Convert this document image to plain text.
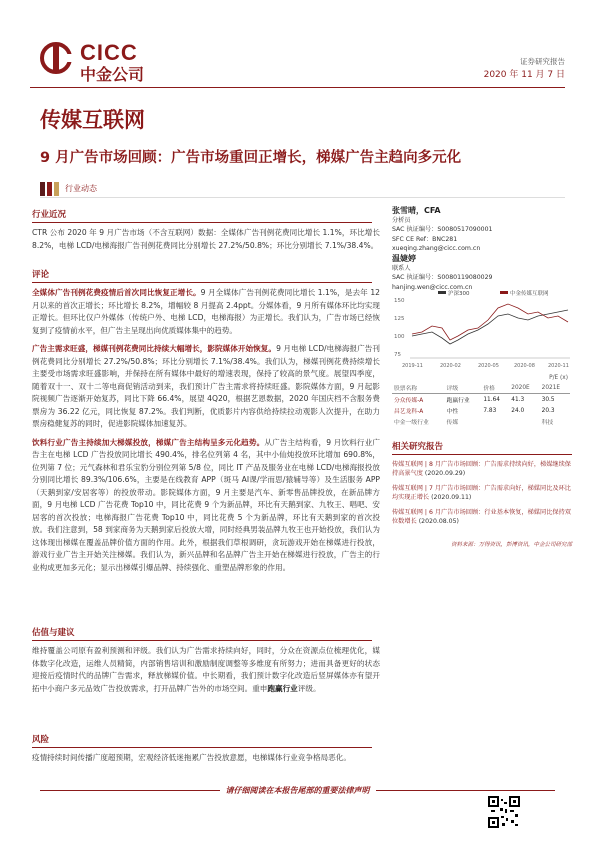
CICC
中金公司
证券研究报告
2020 年 11 月 7 日
传媒互联网
9 月广告市场回顾：广告市场重回正增长，梯媒广告主趋向多元化
行业动态
行业近况
CTR 公布 2020 年 9 月广告市场（不含互联网）数据：全媒体广告刊例花费同比增长 1.1%，环比增长 8.2%，电梯 LCD/电梯海报广告刊例花费同比分别增长 27.2%/50.8%；环比分别增长 7.1%/38.4%。
评论
全媒体广告刊例花费疫情后首次同比恢复正增长。9 月全媒体广告刊例花费同比增长 1.1%，是去年 12 月以来的首次正增长；环比增长 8.2%，增幅较 8 月提高 2.4ppt。分媒体看，9 月所有媒体环比均实现正增长。但环比仅户外媒体（传统户外、电梯 LCD，电梯海报）为正增长。我们认为，广告市场已经恢复到了疫情前水平，但广告主呈现出向优质媒体集中的趋势。
广告主需求旺盛，梯媒刊例花费同比持续大幅增长，影院媒体开始恢复。9 月电梯 LCD/电梯海报广告刊例花费同比分别增长 27.2%/50.8%；环比分别增长 7.1%/38.4%。我们认为，梯媒刊例花费持续增长主要受市场需求旺盛影响，并保持在所有媒体中最好的增速表现，保持了较高的景气度。展望四季度，随着双十一、双十二等电商促销活动到来，我们预计广告主需求将持续旺盛。影院媒体方面，9 月起影院视频广告逐渐开始复苏，同比下降 66.4%，展望 4Q20，根据艺恩数据，2020 年国庆档不含服务费票房为 36.22 亿元，同比恢复 87.2%。我们判断，优质影片内容供给持续拉动观影人次提升，在助力票房稳健复苏的同时，促进影院媒体加速复苏。
饮料行业广告主持续加大梯媒投放，梯媒广告主结构呈多元化趋势。从广告主结构看，9 月饮料行业广告主在电梯 LCD 广告投放同比增长 490.4%，排名位列第 4 名，其中小仙炖投放环比增加 690.8%，位列第 7 位；元气森林和君乐宝豹分别位列第 5/8 位，同比 IT 产品及服务业在电梯 LCD/电梯海报投放分别同比增长 89.3%/106.6%，主要是在线教育 APP（斑马 AI课/学而思/猿辅导等）及生活服务 APP（天鹅到家/安居客等）的投放带动。影院媒体方面，9 月主要是汽车、新零售品牌投放，在新品牌方面，9 月电梯 LCD 广告花费 Top10 中，同比花费 9 个为新品牌，环比有天鹅到家、九牧王、唱吧、安居客的首次投放；电梯海报广告花费 Top10 中，同比花费 5 个为新品牌，环比有天鹅到家的首次投放。我们注意到，58 到家商务为天鹅到家后投放大增，同时经典男装品牌九牧王也开始投放，我们认为这体现出梯媒在覆盖品牌价值方面的作用。此外，根据我们草根调研，贪玩游戏开始在梯媒进行投放，游戏行业广告主开始关注梯媒。我们认为，新兴品牌和名品牌广告主开始在梯媒进行投放，广告主的行业构成更加多元化；显示出梯媒引爆品牌、持续强化、重塑品牌形象的作用。
估值与建议
维持覆盖公司原有盈利预测和评级。我们认为广告需求持续向好，同时，分众在资源点位梳理优化，媒体数字化改造，运维人员精简，内部销售培训和激励制度调整等多维度有所努力；进而具备更好的状态迎接后疫情时代的品牌广告需求，释放梯媒价值。中长期看，我们预计数字化改造后竖屏媒体亦有望开拓中小商户多元品效广告投放需求，打开品牌广告外的市场空间。重申跑赢行业评级。
风险
疫情持续时间传播广度超预期，宏观经济低迷拖累广告投放意愿，电梯媒体行业竞争格局恶化。
张雪晴，CFA
分析员
SAC 执证编号：S0080517090001
SFC CE Ref：BNC281
xueqing.zhang@cicc.com.cn
温婕婷
联系人
SAC 执证编号：S0080119080029
hanjing.wen@cicc.com.cn
沪深300	中金传媒互联网
150
125
100
75
2019-11	2020-02	2020-05	2020-08	2020-11
			P/E (x)	
股票名称	评级	价格	2020E	2021E
分众传媒-A	跑赢行业	11.64	41.3	30.5
昌艺龙科-A	中性	7.83	24.0	20.3
中金一级行业	传媒			科技
相关研究报告
传媒互联网 | 8 月广告市场回顾：广告需求持续向好，梯媒继续保持高景气度 (2020.09.29)
传媒互联网 | 7 月广告市场回顾：广告需求向好，梯媒同比及环比均实现正增长 (2020.09.11)
传媒互联网 | 6 月广告市场回顾：行业基本恢复，梯媒同比保持双位数增长 (2020.08.05)
资料来源：万得资讯，彭博资讯，中金公司研究部
请仔细阅读在本报告尾部的重要法律声明
